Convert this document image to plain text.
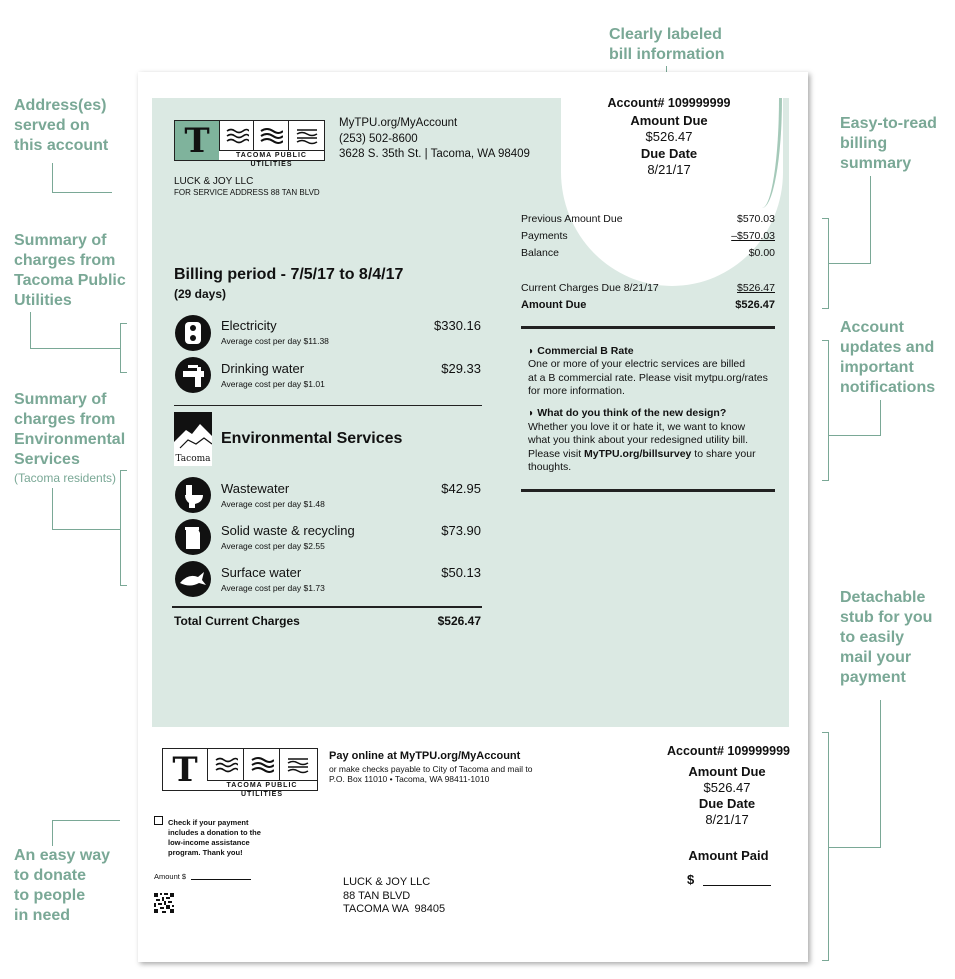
Clearly labeled
bill information
Address(es)
served on
this account
Summary of
charges from
Tacoma Public
Utilities
Summary of
charges from
Environmental
Services
(Tacoma residents)
An easy way
to donate
to people
in need
Easy-to-read
billing
summary
Account
updates and
important
notifications
Detachable
stub for you
to easily
mail your
payment
T	TACOMA PUBLIC UTILITIES
MyTPU.org/MyAccount
(253) 502-8600
3628 S. 35th St. | Tacoma, WA 98409
LUCK & JOY LLC
FOR SERVICE ADDRESS 88 TAN BLVD
Account# 109999999
Amount Due
$526.47
Due Date
8/21/17
Previous Amount Due	$570.03
Payments	–$570.03
Balance	$0.00
Current Charges Due 8/21/17	$526.47
Amount Due	$526.47
◗ Commercial B Rate
One or more of your electric services are billed
at a B commercial rate. Please visit mytpu.org/rates
for more information.
◗ What do you think of the new design?
Whether you love it or hate it, we want to know
what you think about your redesigned utility bill.
Please visit MyTPU.org/billsurvey to share your
thoughts.
Billing period - 7/5/17 to 8/4/17
(29 days)
Electricity
Average cost per day $11.38
$330.16
Drinking water
Average cost per day $1.01
$29.33
Tacoma
Environmental Services
Wastewater
Average cost per day $1.48
$42.95
Solid waste & recycling
Average cost per day $2.55
$73.90
Surface water
Average cost per day $1.73
$50.13
Total Current Charges	$526.47
T	TACOMA PUBLIC UTILITIES
Pay online at MyTPU.org/MyAccount
or make checks payable to City of Tacoma and mail to
P.O. Box 11010 • Tacoma, WA 98411-1010
Account# 109999999
Amount Due
$526.47
Due Date
8/21/17
Amount Paid
$
Check if your payment
includes a donation to the
low-income assistance
program. Thank you!
Amount $	LUCK & JOY LLC
88 TAN BLVD
TACOMA WA  98405
